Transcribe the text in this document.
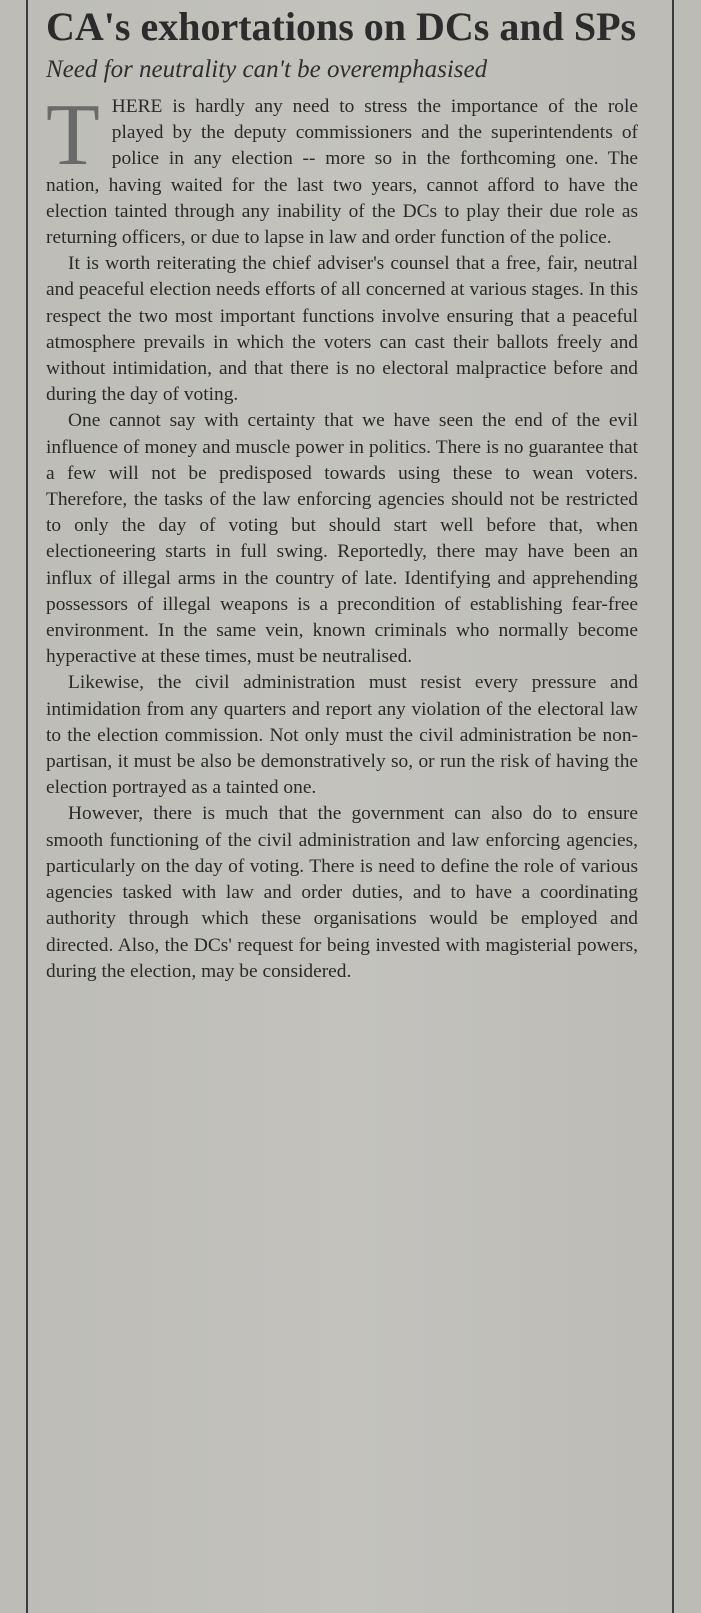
CA's exhortations on DCs and SPs
Need for neutrality can't be overemphasised

THERE is hardly any need to stress the importance of the role played by the deputy commissioners and the superintendents of police in any election -- more so in the forthcoming one. The nation, having waited for the last two years, cannot afford to have the election tainted through any inability of the DCs to play their due role as returning officers, or due to lapse in law and order function of the police.

It is worth reiterating the chief adviser's counsel that a free, fair, neutral and peaceful election needs efforts of all concerned at various stages. In this respect the two most important functions involve ensuring that a peaceful atmosphere prevails in which the voters can cast their ballots freely and without intimidation, and that there is no electoral malpractice before and during the day of voting.

One cannot say with certainty that we have seen the end of the evil influence of money and muscle power in politics. There is no guarantee that a few will not be predisposed towards using these to wean voters. Therefore, the tasks of the law enforcing agencies should not be restricted to only the day of voting but should start well before that, when electioneering starts in full swing. Reportedly, there may have been an influx of illegal arms in the country of late. Identifying and apprehending possessors of illegal weapons is a precondition of establishing fear-free environment. In the same vein, known criminals who normally become hyperactive at these times, must be neutralised.

Likewise, the civil administration must resist every pressure and intimidation from any quarters and report any violation of the electoral law to the election commission. Not only must the civil administration be non-partisan, it must be also be demonstratively so, or run the risk of having the election portrayed as a tainted one.

However, there is much that the government can also do to ensure smooth functioning of the civil administration and law enforcing agencies, particularly on the day of voting. There is need to define the role of various agencies tasked with law and order duties, and to have a coordinating authority through which these organisations would be employed and directed. Also, the DCs' request for being invested with magisterial powers, during the election, may be considered.
